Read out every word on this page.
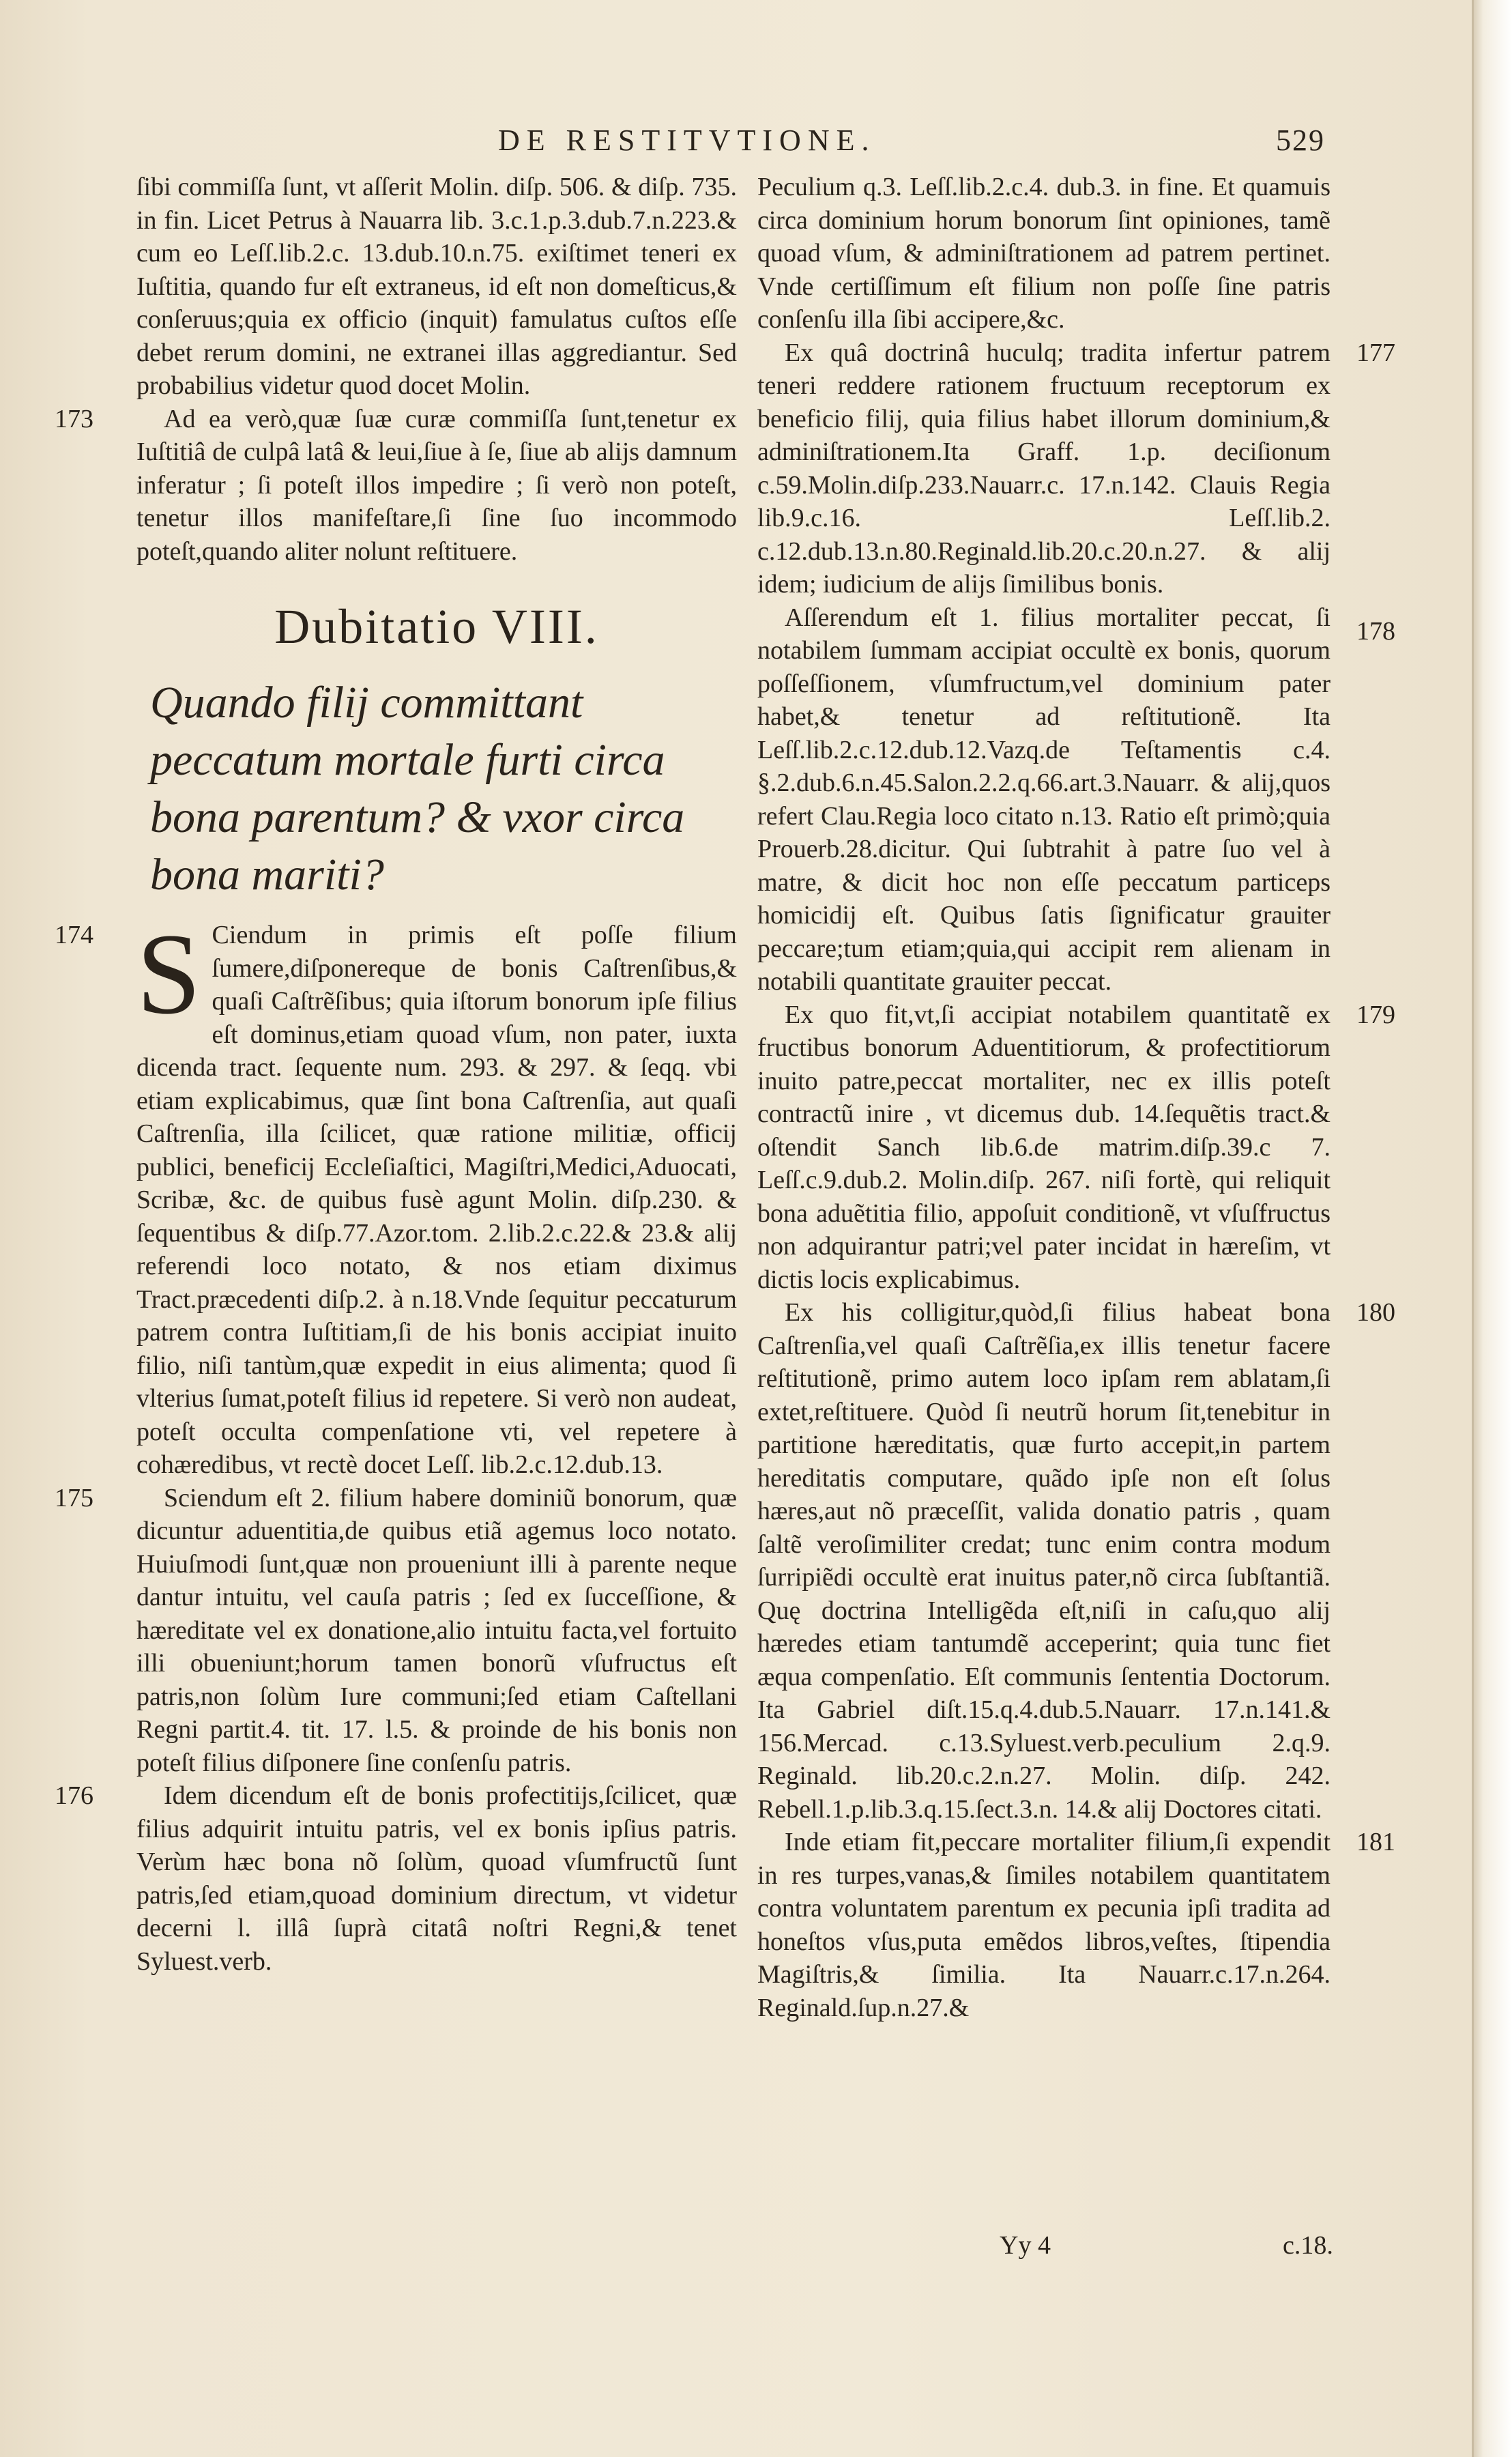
DE RESTITVTIONE.	529

ſibi commiſſa ſunt, vt aſſerit Molin. diſp. 506. & diſp. 735. in fin. Licet Petrus à Nauarra lib. 3.c.1.p.3.dub.7.n.223.& cum eo Leſſ.lib.2.c. 13.dub.10.n.75. exiſtimet teneri ex Iuſtitia, quando fur eſt extraneus, id eſt non domeſticus,& conſeruus;quia ex officio (inquit) famulatus cuſtos eſſe debet rerum domini, ne extranei illas aggrediantur. Sed probabilius videtur quod docet Molin.

173	Ad ea verò,quæ ſuæ curæ commiſſa ſunt,tenetur ex Iuſtitiâ de culpâ latâ & leui,ſiue à ſe, ſiue ab alijs damnum inferatur ; ſi poteſt illos impedire ; ſi verò non poteſt, tenetur illos manifeſtare,ſi ſine ſuo incommodo poteſt,quando aliter nolunt reſtituere.

Dubitatio VIII.
Quando filij committant peccatum mortale furti circa bona parentum? & vxor circa bona mariti?
174 S Ciendum in primis eſt poſſe filium ſumere,diſponereque de bonis Caſtrenſibus,& quaſi Caſtrẽſibus; quia iſtorum bonorum ipſe filius eſt dominus,etiam quoad vſum, non pater, iuxta dicenda tract. ſequente num. 293. & 297. & ſeqq. vbi etiam explicabimus, quæ ſint bona Caſtrenſia, aut quaſi Caſtrenſia, illa ſcilicet, quæ ratione militiæ, officij publici, beneficij Eccleſiaſtici, Magiſtri,Medici,Aduocati, Scribæ, &c. de quibus fusè agunt Molin. diſp.230. & ſequentibus & diſp.77.Azor.tom. 2.lib.2.c.22.& 23.& alij referendi loco notato, & nos etiam diximus Tract.præcedenti diſp.2. à n.18.Vnde ſequitur peccaturum patrem contra Iuſtitiam,ſi de his bonis accipiat inuito filio, niſi tantùm,quæ expedit in eius alimenta; quod ſi vlterius ſumat,poteſt filius id repetere. Si verò non audeat, poteſt occulta compenſatione vti, vel repetere à cohæredibus, vt rectè docet Leſſ. lib.2.c.12.dub.13.

175	Sciendum eſt 2. filium habere dominiũ bonorum, quæ dicuntur aduentitia,de quibus etiã agemus loco notato. Huiuſmodi ſunt,quæ non proueniunt illi à parente neque dantur intuitu, vel cauſa patris ; ſed ex ſucceſſione, & hæreditate vel ex donatione,alio intuitu facta,vel fortuito illi obueniunt;horum tamen bonorũ vſufructus eſt patris,non ſolùm Iure communi;ſed etiam Caſtellani Regni partit.4. tit. 17. l.5. & proinde de his bonis non poteſt filius diſponere ſine conſenſu patris.

176	Idem dicendum eſt de bonis profectitijs,ſcilicet, quæ filius adquirit intuitu patris, vel ex bonis ipſius patris. Verùm hæc bona nõ ſolùm, quoad vſumfructũ ſunt patris,ſed etiam,quoad dominium directum, vt videtur decerni l. illâ ſuprà citatâ noſtri Regni,& tenet Syluest.verb.

Peculium q.3. Leſſ.lib.2.c.4. dub.3. in fine. Et quamuis circa dominium horum bonorum ſint opiniones, tamẽ quoad vſum, & adminiſtrationem ad patrem pertinet. Vnde certiſſimum eſt filium non poſſe ſine patris conſenſu illa ſibi accipere,&c.

177

Ex quâ doctrinâ huculq; tradita infertur patrem teneri reddere rationem fructuum receptorum ex beneficio filij, quia filius habet illorum dominium,& adminiſtrationem.Ita Graff. 1.p. deciſionum c.59.Molin.diſp.233.Nauarr.c. 17.n.142. Clauis Regia lib.9.c.16. Leſſ.lib.2. c.12.dub.13.n.80.Reginald.lib.20.c.20.n.27. & alij idem; iudicium de alijs ſimilibus bonis.

178

Aſſerendum eſt 1. filius mortaliter peccat, ſi notabilem ſummam accipiat occultè ex bonis, quorum poſſeſſionem, vſumfructum,vel dominium pater habet,& tenetur ad reſtitutionẽ. Ita Leſſ.lib.2.c.12.dub.12.Vazq.de Teſtamentis c.4. §.2.dub.6.n.45.Salon.2.2.q.66.art.3.Nauarr. & alij,quos refert Clau.Regia loco citato n.13. Ratio eſt primò;quia Prouerb.28.dicitur. Qui ſubtrahit à patre ſuo vel à matre, & dicit hoc non eſſe peccatum particeps homicidij eſt. Quibus ſatis ſignificatur grauiter peccare;tum etiam;quia,qui accipit rem alienam in notabili quantitate grauiter peccat.

179

Ex quo fit,vt,ſi accipiat notabilem quantitatẽ ex fructibus bonorum Aduentitiorum, & profectitiorum inuito patre,peccat mortaliter, nec ex illis poteſt contractũ inire , vt dicemus dub. 14.ſequẽtis tract.& oſtendit Sanch lib.6.de matrim.diſp.39.c 7. Leſſ.c.9.dub.2. Molin.diſp. 267. niſi fortè, qui reliquit bona aduẽtitia filio, appoſuit conditionẽ, vt vſuſfructus non adquirantur patri;vel pater incidat in hæreſim, vt dictis locis explicabimus.

180

Ex his colligitur,quòd,ſi filius habeat bona Caſtrenſia,vel quaſi Caſtrẽſia,ex illis tenetur facere reſtitutionẽ, primo autem loco ipſam rem ablatam,ſi extet,reſtituere. Quòd ſi neutrũ horum ſit,tenebitur in partitione hæreditatis, quæ furto accepit,in partem hereditatis computare, quãdo ipſe non eſt ſolus hæres,aut nõ præceſſit, valida donatio patris , quam ſaltẽ veroſimiliter credat; tunc enim contra modum ſurripiẽdi occultè erat inuitus pater,nõ circa ſubſtantiã. Quę doctrina Intelligẽda eſt,niſi in caſu,quo alij hæredes etiam tantumdẽ acceperint; quia tunc fiet æqua compenſatio. Eſt communis ſententia Doctorum. Ita Gabriel diſt.15.q.4.dub.5.Nauarr. 17.n.141.& 156.Mercad. c.13.Syluest.verb.peculium 2.q.9. Reginald. lib.20.c.2.n.27. Molin. diſp. 242. Rebell.1.p.lib.3.q.15.ſect.3.n. 14.& alij Doctores citati.

181

Inde etiam fit,peccare mortaliter filium,ſi expendit in res turpes,vanas,& ſimiles notabilem quantitatem contra voluntatem parentum ex pecunia ipſi tradita ad honeſtos vſus,puta emẽdos libros,veſtes, ſtipendia Magiſtris,& ſimilia. Ita Nauarr.c.17.n.264. Reginald.ſup.n.27.&

Yy 4	c.18.
